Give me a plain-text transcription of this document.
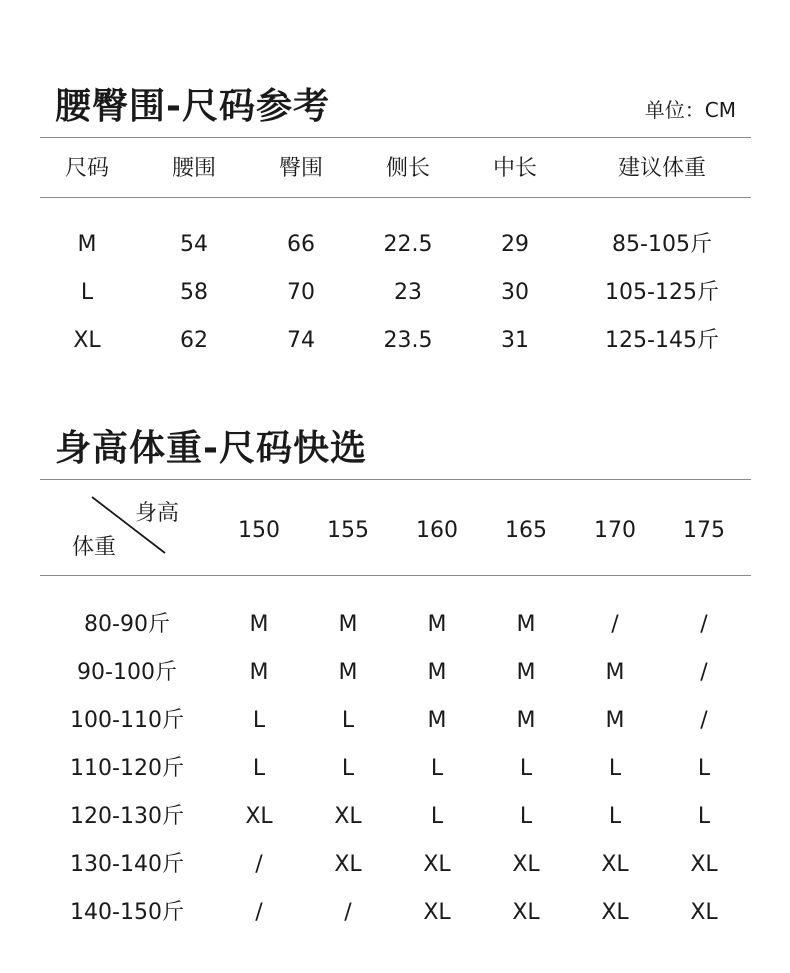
腰臀围-尺码参考	单位：CM
尺码	腰围	臀围	侧长	中长	建议体重
M	54	66	22.5	29	85-105斤
L	58	70	23	30	105-125斤
XL	62	74	23.5	31	125-145斤
身高体重-尺码快选
身高
体重
150	155	160	165	170	175
80-90斤	M	M	M	M	/	/
90-100斤	M	M	M	M	M	/
100-110斤	L	L	M	M	M	/
110-120斤	L	L	L	L	L	L
120-130斤	XL	XL	L	L	L	L
130-140斤	/	XL	XL	XL	XL	XL
140-150斤	/	/	XL	XL	XL	XL
